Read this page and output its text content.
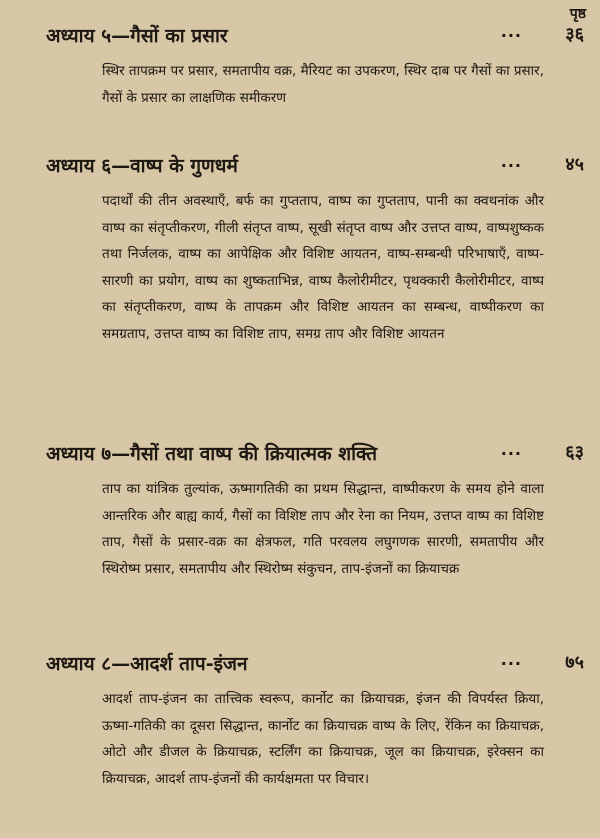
पृष्ठ
अध्याय ५—गैसों का प्रसार	... ३६
स्थिर तापक्रम पर प्रसार, समतापीय वक्र, मैरियट का उपकरण, स्थिर दाब पर गैसों का प्रसार, गैसों के प्रसार का लाक्षणिक समीकरण
अध्याय ६—वाष्प के गुणधर्म	... ४५
पदार्थों की तीन अवस्थाएँ, बर्फ का गुप्तताप, वाष्प का गुप्तताप, पानी का क्वथनांक और वाष्प का संतृप्तीकरण, गीली संतृप्त वाष्प, सूखी संतृप्त वाष्प और उत्तप्त वाष्प, वाष्पशुष्कक तथा निर्जलक, वाष्प का आपेक्षिक और विशिष्ट आयतन, वाष्प-सम्बन्धी परिभाषाएँ, वाष्प-सारणी का प्रयोग, वाष्प का शुष्कताभिन्न, वाष्प कैलोरीमीटर, पृथक्कारी कैलोरीमीटर, वाष्प का संतृप्तीकरण, वाष्प के तापक्रम और विशिष्ट आयतन का सम्बन्ध, वाष्पीकरण का समग्रताप, उत्तप्त वाष्प का विशिष्ट ताप, समग्र ताप और विशिष्ट आयतन
अध्याय ७—गैसों तथा वाष्प की क्रियात्मक शक्ति	... ६३
ताप का यांत्रिक तुल्यांक, ऊष्मागतिकी का प्रथम सिद्धान्त, वाष्पीकरण के समय होने वाला आन्तरिक और बाह्य कार्य, गैसों का विशिष्ट ताप और रेना का नियम, उत्तप्त वाष्प का विशिष्ट ताप, गैसों के प्रसार-वक्र का क्षेत्रफल, गति परवलय लघुगणक सारणी, समतापीय और स्थिरोष्म प्रसार, समतापीय और स्थिरोष्म संकुचन, ताप-इंजनों का क्रियाचक्र
अध्याय ८—आदर्श ताप-इंजन	... ७५
आदर्श ताप-इंजन का तात्त्विक स्वरूप, कार्नोट का क्रियाचक्र, इंजन की विपर्यस्त क्रिया, ऊष्मा-गतिकी का दूसरा सिद्धान्त, कार्नोट का क्रियाचक्र वाष्प के लिए, रेंकिन का क्रियाचक्र, ओटो और डीजल के क्रियाचक्र, स्टर्लिंग का क्रियाचक्र, जूल का क्रियाचक्र, इरेक्सन का क्रियाचक्र, आदर्श ताप-इंजनों की कार्यक्षमता पर विचार।
